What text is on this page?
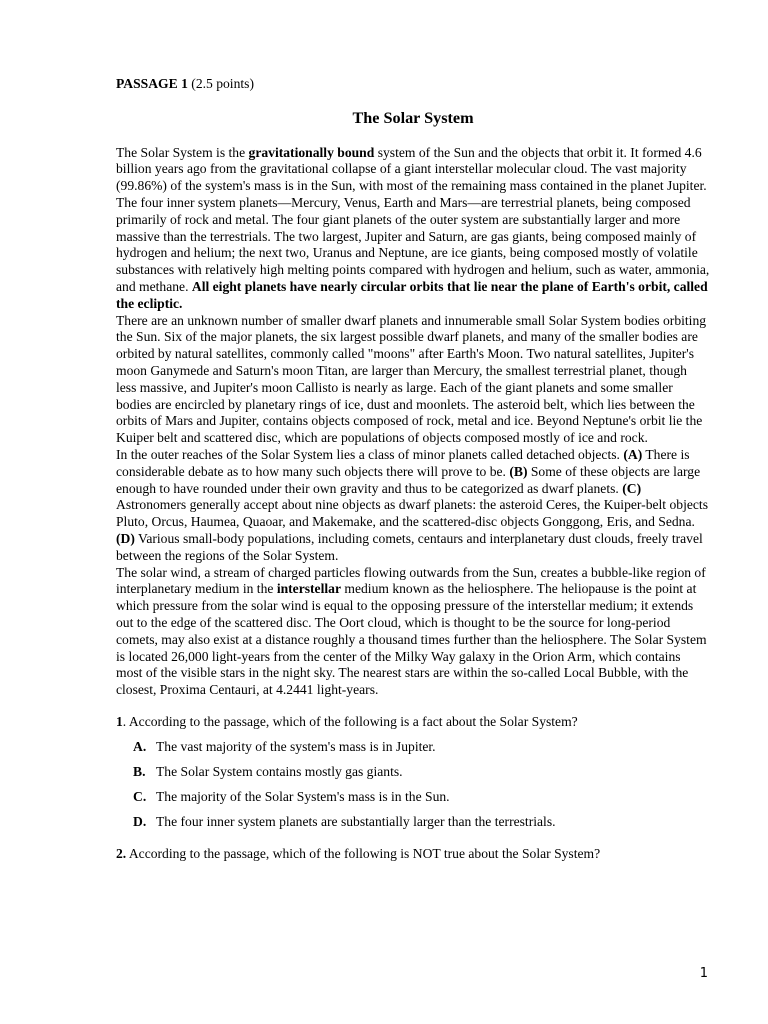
PASSAGE 1 (2.5 points)

The Solar System

The Solar System is the gravitationally bound system of the Sun and the objects that orbit it. It formed 4.6 billion years ago from the gravitational collapse of a giant interstellar molecular cloud. The vast majority (99.86%) of the system's mass is in the Sun, with most of the remaining mass contained in the planet Jupiter. The four inner system planets—Mercury, Venus, Earth and Mars—are terrestrial planets, being composed primarily of rock and metal. The four giant planets of the outer system are substantially larger and more massive than the terrestrials. The two largest, Jupiter and Saturn, are gas giants, being composed mainly of hydrogen and helium; the next two, Uranus and Neptune, are ice giants, being composed mostly of volatile substances with relatively high melting points compared with hydrogen and helium, such as water, ammonia, and methane. All eight planets have nearly circular orbits that lie near the plane of Earth's orbit, called the ecliptic.

There are an unknown number of smaller dwarf planets and innumerable small Solar System bodies orbiting the Sun. Six of the major planets, the six largest possible dwarf planets, and many of the smaller bodies are orbited by natural satellites, commonly called "moons" after Earth's Moon. Two natural satellites, Jupiter's moon Ganymede and Saturn's moon Titan, are larger than Mercury, the smallest terrestrial planet, though less massive, and Jupiter's moon Callisto is nearly as large. Each of the giant planets and some smaller bodies are encircled by planetary rings of ice, dust and moonlets. The asteroid belt, which lies between the orbits of Mars and Jupiter, contains objects composed of rock, metal and ice. Beyond Neptune's orbit lie the Kuiper belt and scattered disc, which are populations of objects composed mostly of ice and rock.

In the outer reaches of the Solar System lies a class of minor planets called detached objects. (A) There is considerable debate as to how many such objects there will prove to be. (B) Some of these objects are large enough to have rounded under their own gravity and thus to be categorized as dwarf planets. (C) Astronomers generally accept about nine objects as dwarf planets: the asteroid Ceres, the Kuiper-belt objects Pluto, Orcus, Haumea, Quaoar, and Makemake, and the scattered-disc objects Gonggong, Eris, and Sedna. (D) Various small-body populations, including comets, centaurs and interplanetary dust clouds, freely travel between the regions of the Solar System.

The solar wind, a stream of charged particles flowing outwards from the Sun, creates a bubble-like region of interplanetary medium in the interstellar medium known as the heliosphere. The heliopause is the point at which pressure from the solar wind is equal to the opposing pressure of the interstellar medium; it extends out to the edge of the scattered disc. The Oort cloud, which is thought to be the source for long-period comets, may also exist at a distance roughly a thousand times further than the heliosphere. The Solar System is located 26,000 light-years from the center of the Milky Way galaxy in the Orion Arm, which contains most of the visible stars in the night sky. The nearest stars are within the so-called Local Bubble, with the closest, Proxima Centauri, at 4.2441 light-years.

1. According to the passage, which of the following is a fact about the Solar System?

A. The vast majority of the system's mass is in Jupiter.
B. The Solar System contains mostly gas giants.
C. The majority of the Solar System's mass is in the Sun.
D. The four inner system planets are substantially larger than the terrestrials.

2. According to the passage, which of the following is NOT true about the Solar System?

1
